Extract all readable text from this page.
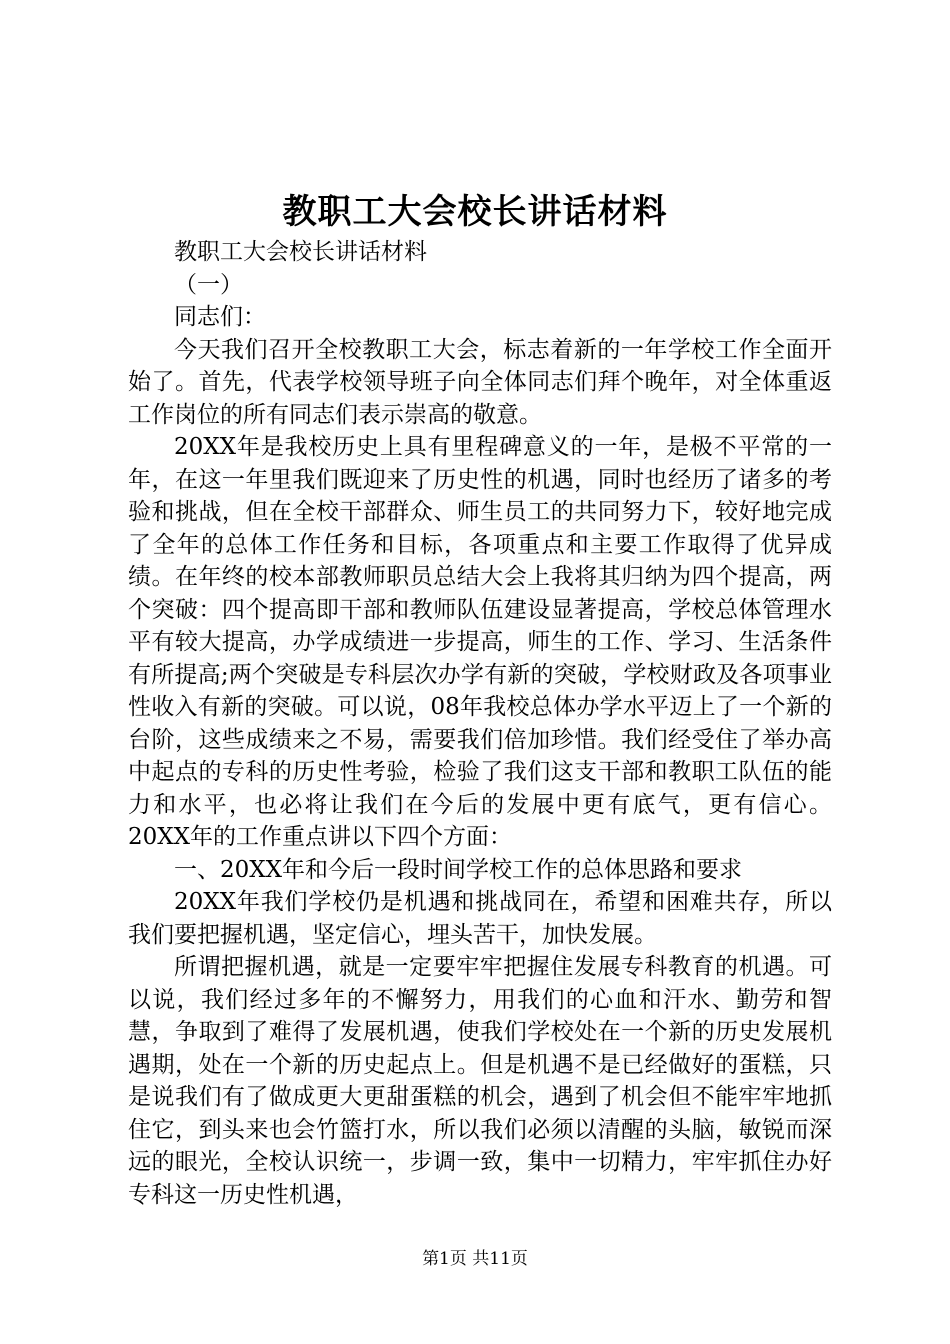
教职工大会校长讲话材料

教职工大会校长讲话材料

（一）

同志们：

今天我们召开全校教职工大会，标志着新的一年学校工作全面开始了。首先，代表学校领导班子向全体同志们拜个晚年，对全体重返工作岗位的所有同志们表示崇高的敬意。

20XX年是我校历史上具有里程碑意义的一年，是极不平常的一年，在这一年里我们既迎来了历史性的机遇，同时也经历了诸多的考验和挑战，但在全校干部群众、师生员工的共同努力下，较好地完成了全年的总体工作任务和目标，各项重点和主要工作取得了优异成绩。在年终的校本部教师职员总结大会上我将其归纳为四个提高，两个突破：四个提高即干部和教师队伍建设显著提高，学校总体管理水平有较大提高，办学成绩进一步提高，师生的工作、学习、生活条件有所提高;两个突破是专科层次办学有新的突破，学校财政及各项事业性收入有新的突破。可以说，08年我校总体办学水平迈上了一个新的台阶，这些成绩来之不易，需要我们倍加珍惜。我们经受住了举办高中起点的专科的历史性考验，检验了我们这支干部和教职工队伍的能力和水平，也必将让我们在今后的发展中更有底气，更有信心。20XX年的工作重点讲以下四个方面：

一、20XX年和今后一段时间学校工作的总体思路和要求

20XX年我们学校仍是机遇和挑战同在，希望和困难共存，所以我们要把握机遇，坚定信心，埋头苦干，加快发展。

所谓把握机遇，就是一定要牢牢把握住发展专科教育的机遇。可以说，我们经过多年的不懈努力，用我们的心血和汗水、勤劳和智慧，争取到了难得了发展机遇，使我们学校处在一个新的历史发展机遇期，处在一个新的历史起点上。但是机遇不是已经做好的蛋糕，只是说我们有了做成更大更甜蛋糕的机会，遇到了机会但不能牢牢地抓住它，到头来也会竹篮打水，所以我们必须以清醒的头脑，敏锐而深远的眼光，全校认识统一，步调一致，集中一切精力，牢牢抓住办好专科这一历史性机遇，

第1页 共11页
